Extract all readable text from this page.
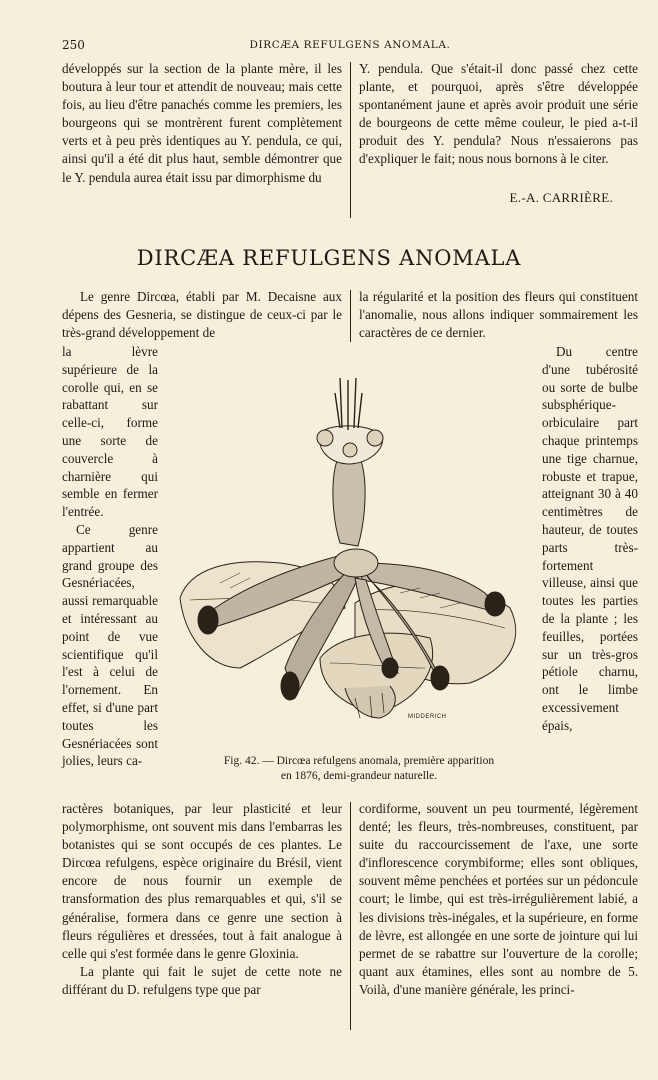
250	DIRCÆA REFULGENS ANOMALA.

développés sur la section de la plante mère, il les boutura à leur tour et attendit de nouveau; mais cette fois, au lieu d'être panachés comme les premiers, les bourgeons qui se montrèrent furent complètement verts et à peu près identiques au Y. pendula, ce qui, ainsi qu'il a été dit plus haut, semble démontrer que le Y. pendula aurea était issu par dimorphisme du

Y. pendula. Que s'était-il donc passé chez cette plante, et pourquoi, après s'être développée spontanément jaune et après avoir produit une série de bourgeons de cette même couleur, le pied a-t-il produit des Y. pendula? Nous n'essaierons pas d'expliquer le fait; nous nous bornons à le citer.

E.-A. CARRIÈRE.
DIRCÆA REFULGENS ANOMALA

Le genre Dircœa, établi par M. Decaisne aux dépens des Gesneria, se distingue de ceux-ci par le très-grand développement de

la régularité et la position des fleurs qui constituent l'anomalie, nous allons indiquer sommairement les caractères de ce dernier.

la lèvre supérieure de la corolle qui, en se rabattant sur celle-ci, forme une sorte de couvercle à charnière qui semble en fermer l'entrée.

Ce genre appartient au grand groupe des Gesnériacées, aussi remarquable et intéressant au point de vue scientifique qu'il l'est à celui de l'ornement. En effet, si d'une part toutes les Gesnériacées sont jolies, leurs ca-

Du centre d'une tubérosité ou sorte de bulbe subsphérique-orbiculaire part chaque printemps une tige charnue, robuste et trapue, atteignant 30 à 40 centimètres de hauteur, de toutes parts très-fortement villeuse, ainsi que toutes les parties de la plante ; les feuilles, portées sur un très-gros pétiole charnu, ont le limbe excessivement épais,

MIDDERICH
Fig. 42. — Dircœa refulgens anomala, première apparition
en 1876, demi-grandeur naturelle.

ractères botaniques, par leur plasticité et leur polymorphisme, ont souvent mis dans l'embarras les botanistes qui se sont occupés de ces plantes. Le Dircœa refulgens, espèce originaire du Brésil, vient encore de nous fournir un exemple de transformation des plus remarquables et qui, s'il se généralise, formera dans ce genre une section à fleurs régulières et dressées, tout à fait analogue à celle qui s'est formée dans le genre Gloxinia.

La plante qui fait le sujet de cette note ne différant du D. refulgens type que par

cordiforme, souvent un peu tourmenté, légèrement denté; les fleurs, très-nombreuses, constituent, par suite du raccourcissement de l'axe, une sorte d'inflorescence corymbiforme; elles sont obliques, souvent même penchées et portées sur un pédoncule court; le limbe, qui est très-irrégulièrement labié, a les divisions très-inégales, et la supérieure, en forme de lèvre, est allongée en une sorte de jointure qui lui permet de se rabattre sur l'ouverture de la corolle; quant aux étamines, elles sont au nombre de 5. Voilà, d'une manière générale, les princi-
